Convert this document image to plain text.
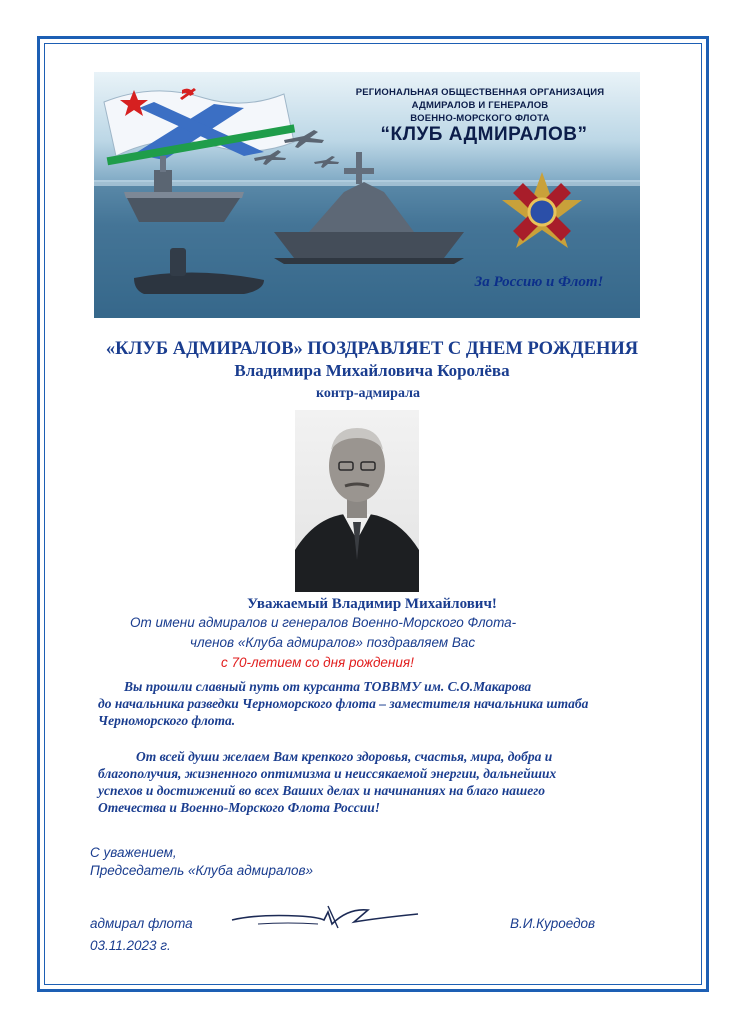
РЕГИОНАЛЬНАЯ ОБЩЕСТВЕННАЯ ОРГАНИЗАЦИЯ
АДМИРАЛОВ И ГЕНЕРАЛОВ
ВОЕННО-МОРСКОГО ФЛОТА
“КЛУБ АДМИРАЛОВ”
За Россию и Флот!
«КЛУБ АДМИРАЛОВ» ПОЗДРАВЛЯЕТ С ДНЕМ РОЖДЕНИЯ
Владимира Михайловича Королёва
контр-адмирала
Уважаемый Владимир Михайлович!
От имени адмиралов и генералов Военно-Морского Флота-
членов «Клуба адмиралов» поздравляем Вас
с 70-летием со дня рождения!
Вы прошли славный путь от курсанта ТОВВМУ им. С.О.Макарова
до начальника разведки Черноморского флота – заместителя начальника штаба
Черноморского флота.
От всей души желаем Вам крепкого здоровья, счастья, мира, добра и
благополучия, жизненного оптимизма и неиссякаемой энергии, дальнейших
успехов и достижений во всех Ваших делах и начинаниях на благо нашего
Отечества и Военно-Морского Флота России!
С уважением,
Председатель «Клуба адмиралов»
адмирал флота
03.11.2023 г.
В.И.Куроедов
